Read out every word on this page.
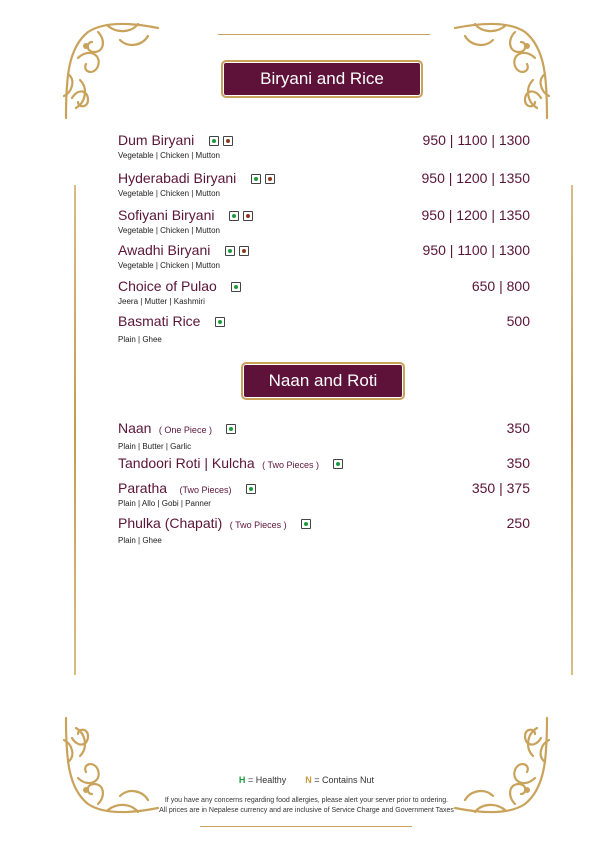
Biryani and Rice
Dum Biryani
Vegetable | Chicken | Mutton
950 | 1100 | 1300
Hyderabadi Biryani
Vegetable | Chicken | Mutton
950 | 1200 | 1350
Sofiyani Biryani
Vegetable | Chicken | Mutton
950 | 1200 | 1350
Awadhi Biryani
Vegetable | Chicken | Mutton
950 | 1100 | 1300
Choice of Pulao
Jeera | Mutter | Kashmiri
650 | 800
Basmati Rice
Plain | Ghee
500
Naan and Roti
Naan ( One Piece )
Plain | Butter | Garlic
350
Tandoori Roti | Kulcha ( Two Pieces )	350
Paratha (Two Pieces)
Plain | Allo | Gobi | Panner
350 | 375
Phulka (Chapati) ( Two Pieces )
Plain | Ghee
250
H = Healthy N = Contains Nut
If you have any concerns regarding food allergies, please alert your server prior to ordering.
All prices are in Nepalese currency and are inclusive of Service Charge and Government Taxes
